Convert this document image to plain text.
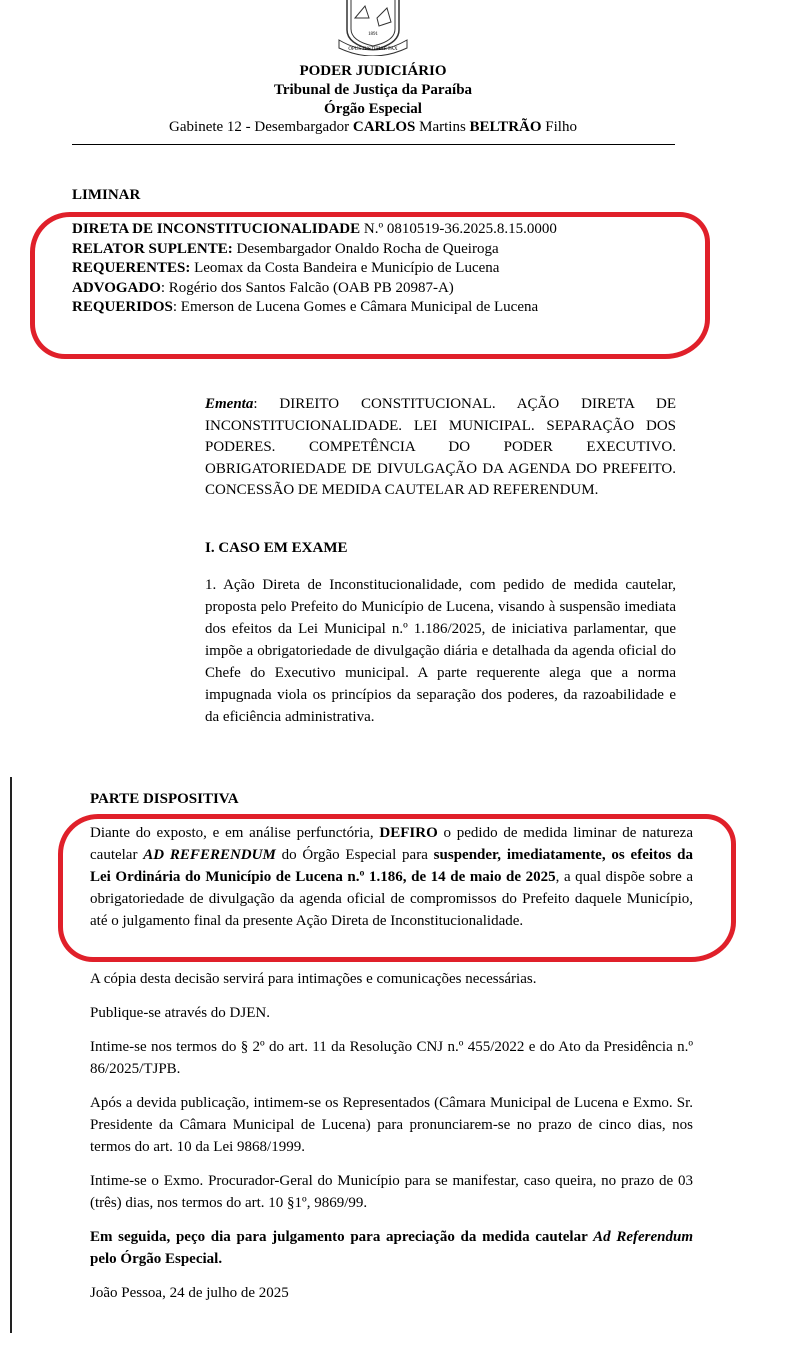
1891
OPUS JUSTITIAE PAX
PODER JUDICIÁRIO
Tribunal de Justiça da Paraíba
Órgão Especial
Gabinete 12 - Desembargador CARLOS Martins BELTRÃO Filho
LIMINAR
DIRETA DE INCONSTITUCIONALIDADE N.º 0810519-36.2025.8.15.0000
RELATOR SUPLENTE: Desembargador Onaldo Rocha de Queiroga
REQUERENTES: Leomax da Costa Bandeira e Município de Lucena
ADVOGADO: Rogério dos Santos Falcão (OAB PB 20987-A)
REQUERIDOS: Emerson de Lucena Gomes e Câmara Municipal de Lucena
Ementa: DIREITO CONSTITUCIONAL. AÇÃO DIRETA DE INCONSTITUCIONALIDADE. LEI MUNICIPAL. SEPARAÇÃO DOS PODERES. COMPETÊNCIA DO PODER EXECUTIVO. OBRIGATORIEDADE DE DIVULGAÇÃO DA AGENDA DO PREFEITO. CONCESSÃO DE MEDIDA CAUTELAR AD REFERENDUM.
I. CASO EM EXAME
1. Ação Direta de Inconstitucionalidade, com pedido de medida cautelar, proposta pelo Prefeito do Município de Lucena, visando à suspensão imediata dos efeitos da Lei Municipal n.º 1.186/2025, de iniciativa parlamentar, que impõe a obrigatoriedade de divulgação diária e detalhada da agenda oficial do Chefe do Executivo municipal. A parte requerente alega que a norma impugnada viola os princípios da separação dos poderes, da razoabilidade e da eficiência administrativa.
PARTE DISPOSITIVA
Diante do exposto, e em análise perfunctória, DEFIRO o pedido de medida liminar de natureza cautelar AD REFERENDUM do Órgão Especial para suspender, imediatamente, os efeitos da Lei Ordinária do Município de Lucena n.º 1.186, de 14 de maio de 2025, a qual dispõe sobre a obrigatoriedade de divulgação da agenda oficial de compromissos do Prefeito daquele Município, até o julgamento final da presente Ação Direta de Inconstitucionalidade.
A cópia desta decisão servirá para intimações e comunicações necessárias.
Publique-se através do DJEN.
Intime-se nos termos do § 2º do art. 11 da Resolução CNJ n.º 455/2022 e do Ato da Presidência n.º 86/2025/TJPB.
Após a devida publicação, intimem-se os Representados (Câmara Municipal de Lucena e Exmo. Sr. Presidente da Câmara Municipal de Lucena) para pronunciarem-se no prazo de cinco dias, nos termos do art. 10 da Lei 9868/1999.
Intime-se o Exmo. Procurador-Geral do Município para se manifestar, caso queira, no prazo de 03 (três) dias, nos termos do art. 10 §1º, 9869/99.
Em seguida, peço dia para julgamento para apreciação da medida cautelar Ad Referendum pelo Órgão Especial.
João Pessoa, 24 de julho de 2025
